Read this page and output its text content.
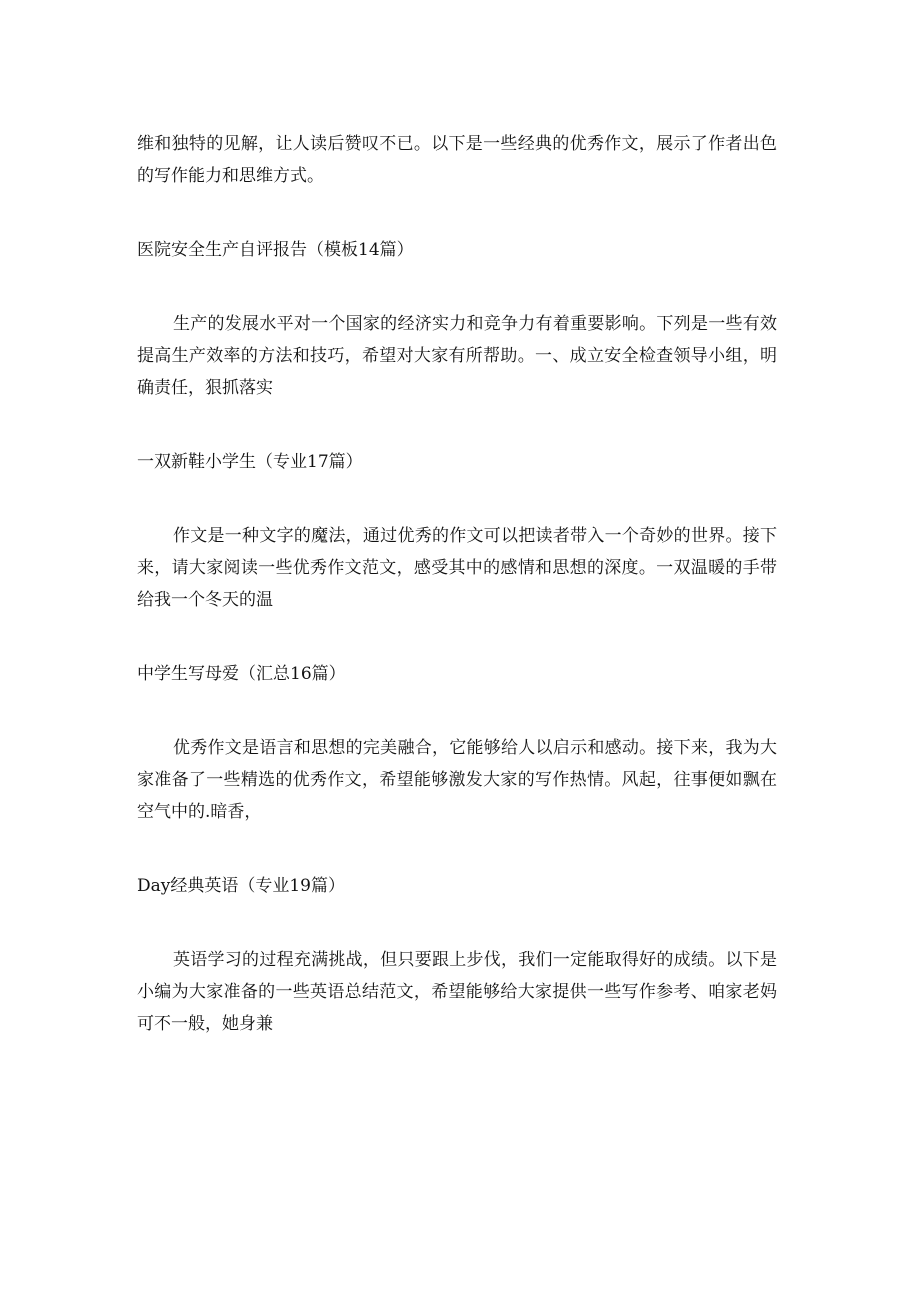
维和独特的见解，让人读后赞叹不已。以下是一些经典的优秀作文，展示了作者出色的写作能力和思维方式。

医院安全生产自评报告（模板14篇）

生产的发展水平对一个国家的经济实力和竞争力有着重要影响。下列是一些有效提高生产效率的方法和技巧，希望对大家有所帮助。一、成立安全检查领导小组，明确责任，狠抓落实

一双新鞋小学生（专业17篇）

作文是一种文字的魔法，通过优秀的作文可以把读者带入一个奇妙的世界。接下来，请大家阅读一些优秀作文范文，感受其中的感情和思想的深度。一双温暖的手带给我一个冬天的温

中学生写母爱（汇总16篇）

优秀作文是语言和思想的完美融合，它能够给人以启示和感动。接下来，我为大家准备了一些精选的优秀作文，希望能够激发大家的写作热情。风起，往事便如飘在空气中的.暗香，

Day经典英语（专业19篇）

英语学习的过程充满挑战，但只要跟上步伐，我们一定能取得好的成绩。以下是小编为大家准备的一些英语总结范文，希望能够给大家提供一些写作参考、咱家老妈可不一般，她身兼
